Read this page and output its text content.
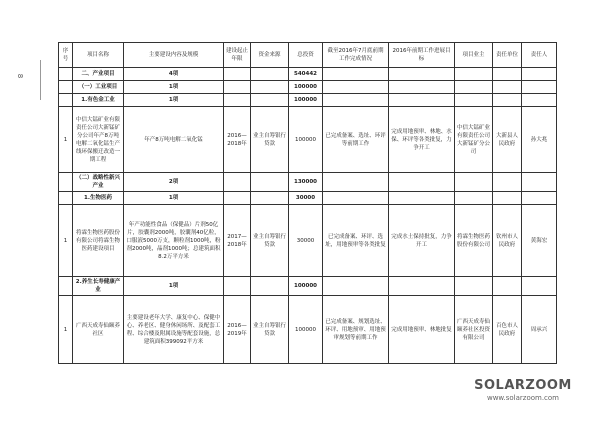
8
序号	项目名称	主要建设内容及规模	建设起止年限	资金来源	总投资	截至2016年7月底前期工作完成情况	2016年前期工作进展目标	项目业主	责任单位	责任人
	二、产业项目	4项			540442					
	（一）工业项目	1项			100000					
	1.有色金工业	1项			100000					
1	中信大锰矿业有限责任公司大新锰矿分公司年产8万吨电解二氧化锰生产线环保搬迁改造一期工程	年产8万吨电解二氧化锰	2016—2018年	业主自筹银行贷款	100000	已完成备案、选址、环评等前期工作	完成用地预审、林地、水保、环评等各类批复，力争开工	中信大锰矿业有限责任公司大新锰矿分公司	大新县人民政府	孙大兆
	（二）战略性新兴产业	2项			130000					
	1.生物医药	1项			30000					
1	将霖生物医药股份有限公司将霖生物医药建设项目	年产功能性食品（保健品）片剂50亿片，胶囊剂2000吨，胶囊剂40亿粒，口服液5000万支，颗粒剂1000吨，粉剂2000吨，晶剂1000吨；总建筑面积8.2万平方米	2017—2018年	业主自筹银行贷款	30000	已完成备案、环评、选址，用地预审等各类批复	完成水土保持批复，力争开工	将霖生物医药股份有限公司	钦州市人民政府	黄海宏
	2.养生长寿健康产业	1项			100000					
1	广西天成寿仙颐养社区	主要建设老年大学、康复中心、保健中心、养老区、健身休闲场所、及配套工程、综合楼及附属设施等配套设施，总建筑面积399092平方米	2016—2019年	业主自筹银行贷款	100000	已完成备案、规划选址、环评、用地预审、用地预审规划等前期工作	完成用地预审、林地批复	广西天成寿仙颐养社区投资有限公司	百色市人民政府	周承兴
SOLARZOOM
www.solarzoom.com
